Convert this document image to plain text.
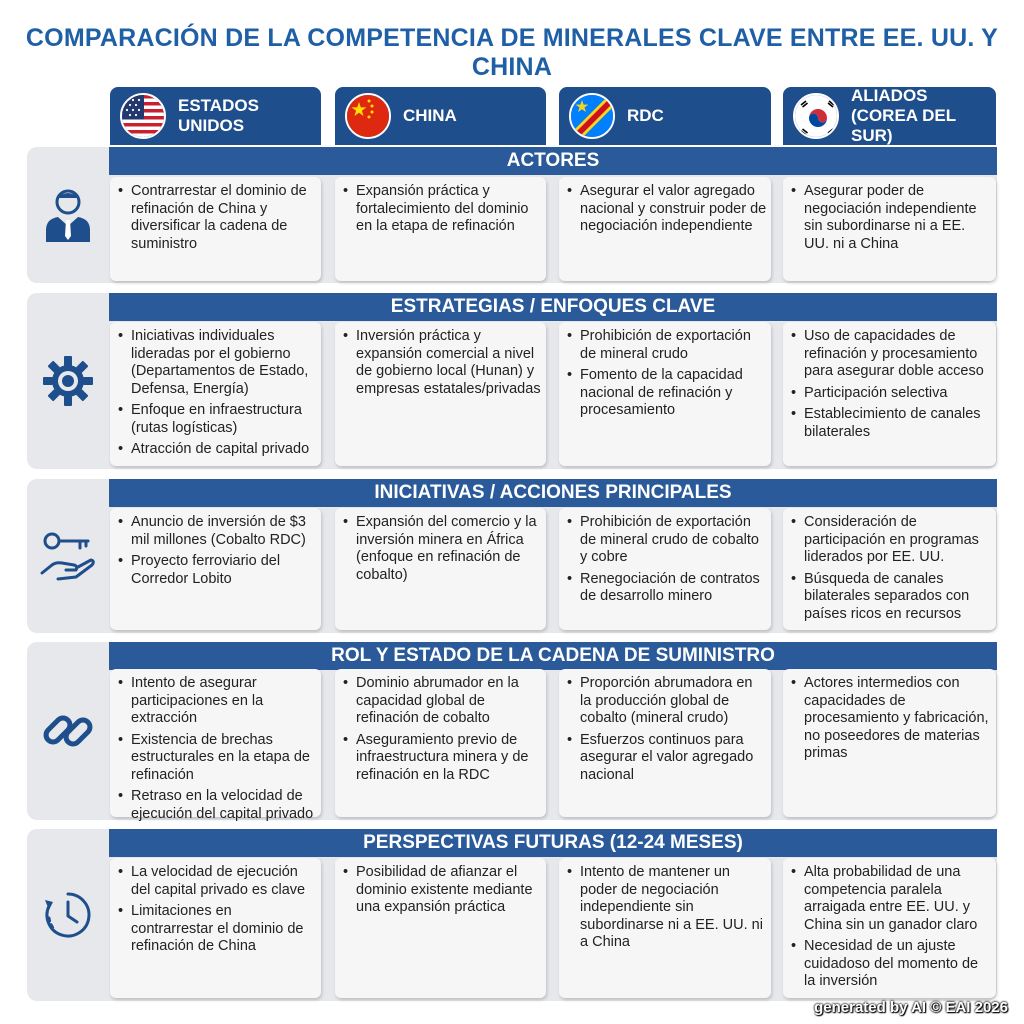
COMPARACIÓN DE LA COMPETENCIA DE MINERALES CLAVE ENTRE EE. UU. Y CHINA
ESTADOS UNIDOS
CHINA	RDC
ALIADOS
(COREA DEL SUR)
ACTORES
ESTRATEGIAS / ENFOQUES CLAVE
INICIATIVAS / ACCIONES PRINCIPALES
ROL Y ESTADO DE LA CADENA DE SUMINISTRO
PERSPECTIVAS FUTURAS (12-24 MESES)
• Contrarrestar el dominio de refinación de China y diversificar la cadena de suministro
• Expansión práctica y fortalecimiento del dominio en la etapa de refinación
• Asegurar el valor agregado nacional y construir poder de negociación independiente
• Asegurar poder de negociación independiente sin subordinarse ni a EE. UU. ni a China
• Iniciativas individuales lideradas por el gobierno (Departamentos de Estado, Defensa, Energía)
• Enfoque en infraestructura (rutas logísticas)
• Atracción de capital privado
• Inversión práctica y expansión comercial a nivel de gobierno local (Hunan) y empresas estatales/privadas
• Prohibición de exportación de mineral crudo
• Fomento de la capacidad nacional de refinación y procesamiento
• Uso de capacidades de refinación y procesamiento para asegurar doble acceso
• Participación selectiva
• Establecimiento de canales bilaterales
• Anuncio de inversión de $3 mil millones (Cobalto RDC)
• Proyecto ferroviario del Corredor Lobito
• Expansión del comercio y la inversión minera en África (enfoque en refinación de cobalto)
• Prohibición de exportación de mineral crudo de cobalto y cobre
• Renegociación de contratos de desarrollo minero
• Consideración de participación en programas liderados por EE. UU.
• Búsqueda de canales bilaterales separados con países ricos en recursos
• Intento de asegurar participaciones en la extracción
• Existencia de brechas estructurales en la etapa de refinación
• Retraso en la velocidad de ejecución del capital privado
• Dominio abrumador en la capacidad global de refinación de cobalto
• Aseguramiento previo de infraestructura minera y de refinación en la RDC
• Proporción abrumadora en la producción global de cobalto (mineral crudo)
• Esfuerzos continuos para asegurar el valor agregado nacional
• Actores intermedios con capacidades de procesamiento y fabricación, no poseedores de materias primas
• La velocidad de ejecución del capital privado es clave
• Limitaciones en contrarrestar el dominio de refinación de China
• Posibilidad de afianzar el dominio existente mediante una expansión práctica
• Intento de mantener un poder de negociación independiente sin subordinarse ni a EE. UU. ni a China
• Alta probabilidad de una competencia paralela arraigada entre EE. UU. y China sin un ganador claro
• Necesidad de un ajuste cuidadoso del momento de la inversión
generated by AI © EAI 2026
